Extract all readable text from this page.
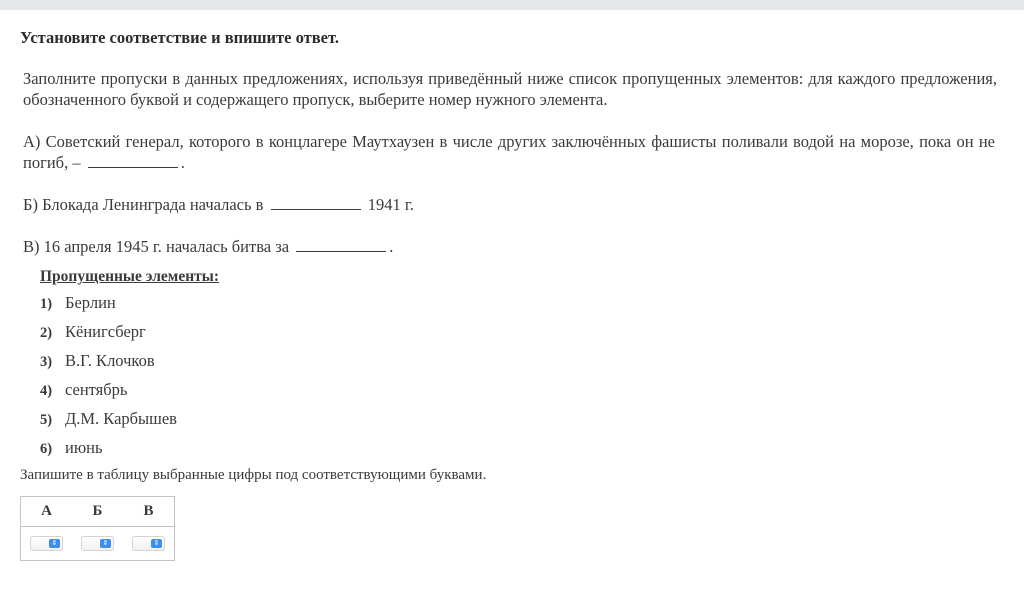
Установите соответствие и впишите ответ.
Заполните пропуски в данных предложениях, используя приведённый ниже список пропущенных элементов: для каждого предложения, обозначенного буквой и содержащего пропуск, выберите номер нужного элемента.
А) Советский генерал, которого в концлагере Маутхаузен в числе других заключённых фашисты поливали водой на морозе, пока он не погиб, –	.
Б) Блокада Ленинграда началась в	1941 г.
В) 16 апреля 1945 г. началась битва за	.
Пропущенные элементы:
1) Берлин
2) Кёнигсберг
3) В.Г. Клочков
4) сентябрь
5) Д.М. Карбышев
6) июнь
Запишите в таблицу выбранные цифры под соответствующими буквами.
А	Б	В
⇕	⇕	⇕
